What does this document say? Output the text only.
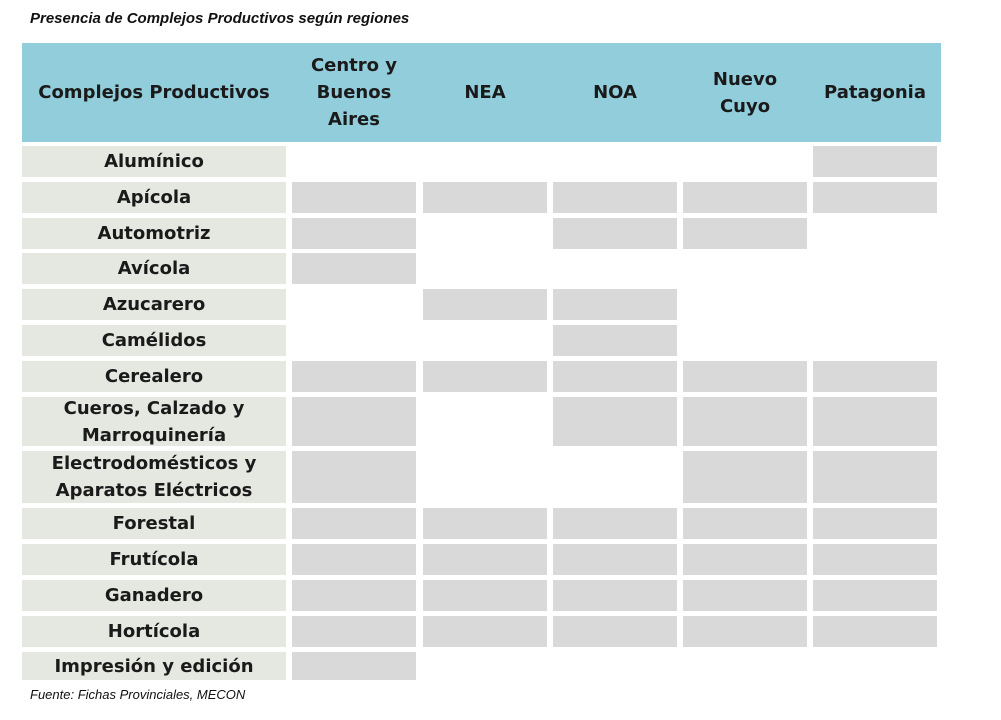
Presencia de Complejos Productivos según regiones
Complejos Productivos
Centro y
Buenos
Aires
NEA	NOA
Nuevo Cuyo
Patagonia
Alumínico
Apícola
Automotriz
Avícola
Azucarero
Camélidos
Cerealero
Cueros, Calzado y
Marroquinería
Electrodomésticos y
Aparatos Eléctricos
Forestal
Frutícola
Ganadero
Hortícola
Impresión y edición
Fuente: Fichas Provinciales, MECON
